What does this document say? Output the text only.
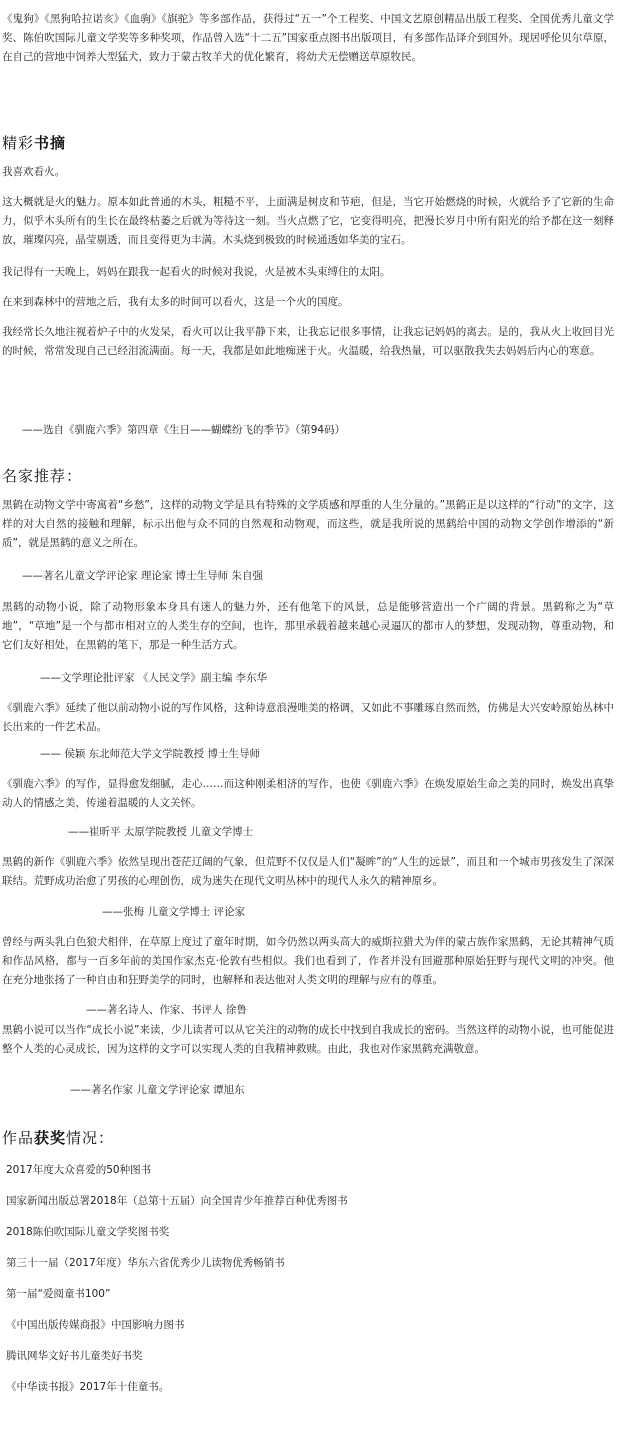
《鬼狗》《黑狗哈拉诺亥》《血驹》《旗驼》等多部作品，获得过“五一”个工程奖、中国文艺原创精品出版工程奖、全国优秀儿童文学奖、陈伯吹国际儿童文学奖等多种奖项，作品曾入选“十二五”国家重点图书出版项目，有多部作品译介到国外。现居呼伦贝尔草原，在自己的营地中饲养大型猛犬，致力于蒙古牧羊犬的优化繁育，将幼犬无偿赠送草原牧民。

精彩书摘

我喜欢看火。

这大概就是火的魅力。原本如此普通的木头，粗糙不平，上面满是树皮和节疤，但是，当它开始燃烧的时候，火就给予了它新的生命力，似乎木头所有的生长在最终枯萎之后就为等待这一刻。当火点燃了它，它变得明亮，把漫长岁月中所有阳光的给予都在这一刻释放，璀璨闪亮，晶莹剔透，而且变得更为丰满。木头烧到极致的时候通透如华美的宝石。

我记得有一天晚上，妈妈在跟我一起看火的时候对我说，火是被木头束缚住的太阳。

在来到森林中的营地之后，我有太多的时间可以看火，这是一个火的国度。

我经常长久地注视着炉子中的火发呆，看火可以让我平静下来，让我忘记很多事情，让我忘记妈妈的离去。是的，我从火上收回目光的时候，常常发现自己已经泪流满面。每一天，我都是如此地痴迷于火。火温暖，给我热量，可以驱散我失去妈妈后内心的寒意。

——选自《驯鹿六季》第四章《生日——蝴蝶纷飞的季节》（第94码）

名家推荐：

黑鹤在动物文学中寄寓着“乡愁”，这样的动物文学是具有特殊的文学质感和厚重的人生分量的。”黑鹤正是以这样的“行动”的文字，这样的对大自然的接触和理解，标示出他与众不同的自然观和动物观，而这些，就是我所说的黑鹤给中国的动物文学创作增添的“新质”，就是黑鹤的意义之所在。

——著名儿童文学评论家 理论家 博士生导师 朱自强

黑鹤的动物小说，除了动物形象本身具有迷人的魅力外，还有他笔下的风景，总是能够营造出一个广阔的背景。黑鹤称之为“草地”，“草地”是一个与都市相对立的人类生存的空间，也许，那里承载着越来越心灵逼仄的都市人的梦想，发现动物，尊重动物，和它们友好相处，在黑鹤的笔下，那是一种生活方式。

——文学理论批评家 《人民文学》副主编 李东华

《驯鹿六季》延续了他以前动物小说的写作风格，这种诗意浪漫唯美的格调，又如此不事雕琢自然而然，仿佛是大兴安岭原始丛林中长出来的一件艺术品。

—— 侯颖 东北师范大学文学院教授 博士生导师

《驯鹿六季》的写作，显得愈发细腻，走心……而这种刚柔相济的写作，也使《驯鹿六季》在焕发原始生命之美的同时，焕发出真挚动人的情感之美，传递着温暖的人文关怀。

——崔昕平 太原学院教授 儿童文学博士

黑鹤的新作《驯鹿六季》依然呈现出苍茫辽阔的气象，但荒野不仅仅是人们“凝眸”的“人生的远景”，而且和一个城市男孩发生了深深联结。荒野成功治愈了男孩的心理创伤，成为迷失在现代文明丛林中的现代人永久的精神原乡。

——张梅 儿童文学博士 评论家

曾经与两头乳白色狼犬相伴，在草原上度过了童年时期，如今仍然以两头高大的威斯拉猎犬为伴的蒙古族作家黑鹤，无论其精神气质和作品风格，都与一百多年前的美国作家杰克·伦敦有些相似。我们也看到了，作者并没有回避那种原始狂野与现代文明的冲突。他在充分地张扬了一种自由和狂野美学的同时，也解释和表达他对人类文明的理解与应有的尊重。

——著名诗人、作家、书评人 徐鲁

黑鹤小说可以当作“成长小说”来读，少儿读者可以从它关注的动物的成长中找到自我成长的密码。当然这样的动物小说，也可能促进整个人类的心灵成长，因为这样的文字可以实现人类的自我精神救赎。由此，我也对作家黑鹤充满敬意。

——著名作家 儿童文学评论家 谭旭东

作品获奖情况：

2017年度大众喜爱的50种图书

国家新闻出版总署2018年（总第十五届）向全国青少年推荐百种优秀图书

2018陈伯吹国际儿童文学奖图书奖

第三十一届（2017年度）华东六省优秀少儿读物优秀畅销书

第一届“爱阅童书100”

《中国出版传媒商报》中国影响力图书

腾讯网华文好书儿童类好书奖

《中华读书报》2017年十佳童书。
